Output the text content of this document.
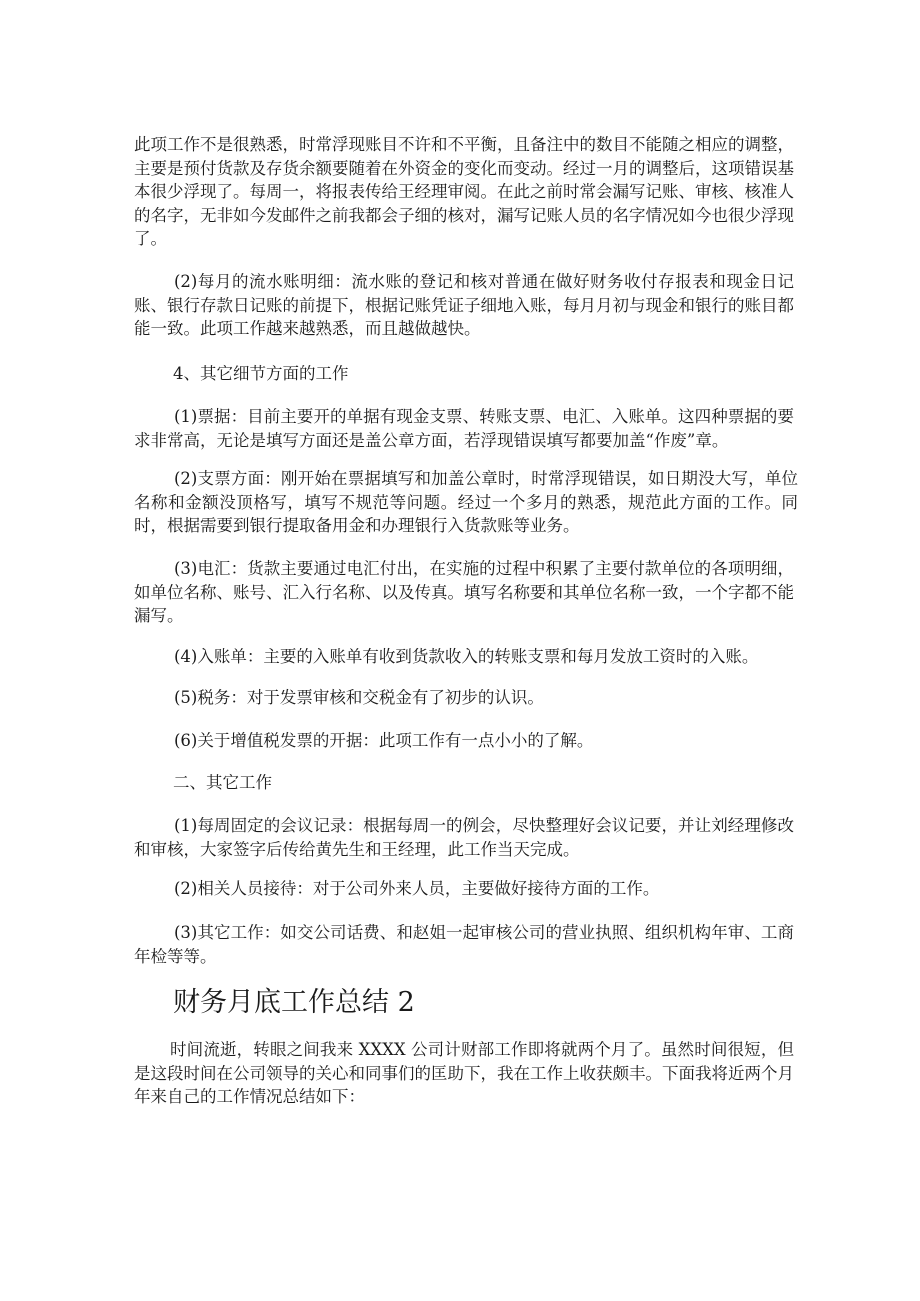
此项工作不是很熟悉，时常浮现账目不许和不平衡，且备注中的数目不能随之相应的调整，主要是预付货款及存货余额要随着在外资金的变化而变动。经过一月的调整后，这项错误基本很少浮现了。每周一，将报表传给王经理审阅。在此之前时常会漏写记账、审核、核准人的名字，无非如今发邮件之前我都会子细的核对，漏写记账人员的名字情况如今也很少浮现了。

(2)每月的流水账明细：流水账的登记和核对普通在做好财务收付存报表和现金日记账、银行存款日记账的前提下，根据记账凭证子细地入账，每月月初与现金和银行的账目都能一致。此项工作越来越熟悉，而且越做越快。

4、其它细节方面的工作

(1)票据：目前主要开的单据有现金支票、转账支票、电汇、入账单。这四种票据的要求非常高，无论是填写方面还是盖公章方面，若浮现错误填写都要加盖“作废”章。

(2)支票方面：刚开始在票据填写和加盖公章时，时常浮现错误，如日期没大写，单位名称和金额没顶格写，填写不规范等问题。经过一个多月的熟悉，规范此方面的工作。同时，根据需要到银行提取备用金和办理银行入货款账等业务。

(3)电汇：货款主要通过电汇付出，在实施的过程中积累了主要付款单位的各项明细，如单位名称、账号、汇入行名称、以及传真。填写名称要和其单位名称一致，一个字都不能漏写。

(4)入账单：主要的入账单有收到货款收入的转账支票和每月发放工资时的入账。

(5)税务：对于发票审核和交税金有了初步的认识。

(6)关于增值税发票的开据：此项工作有一点小小的了解。

二、其它工作

(1)每周固定的会议记录：根据每周一的例会，尽快整理好会议记要，并让刘经理修改和审核，大家签字后传给黄先生和王经理，此工作当天完成。

(2)相关人员接待：对于公司外来人员，主要做好接待方面的工作。

(3)其它工作：如交公司话费、和赵姐一起审核公司的营业执照、组织机构年审、工商年检等等。

财务月底工作总结 2

时间流逝，转眼之间我来 XXXX 公司计财部工作即将就两个月了。虽然时间很短，但是这段时间在公司领导的关心和同事们的匡助下，我在工作上收获颇丰。下面我将近两个月年来自己的工作情况总结如下：
